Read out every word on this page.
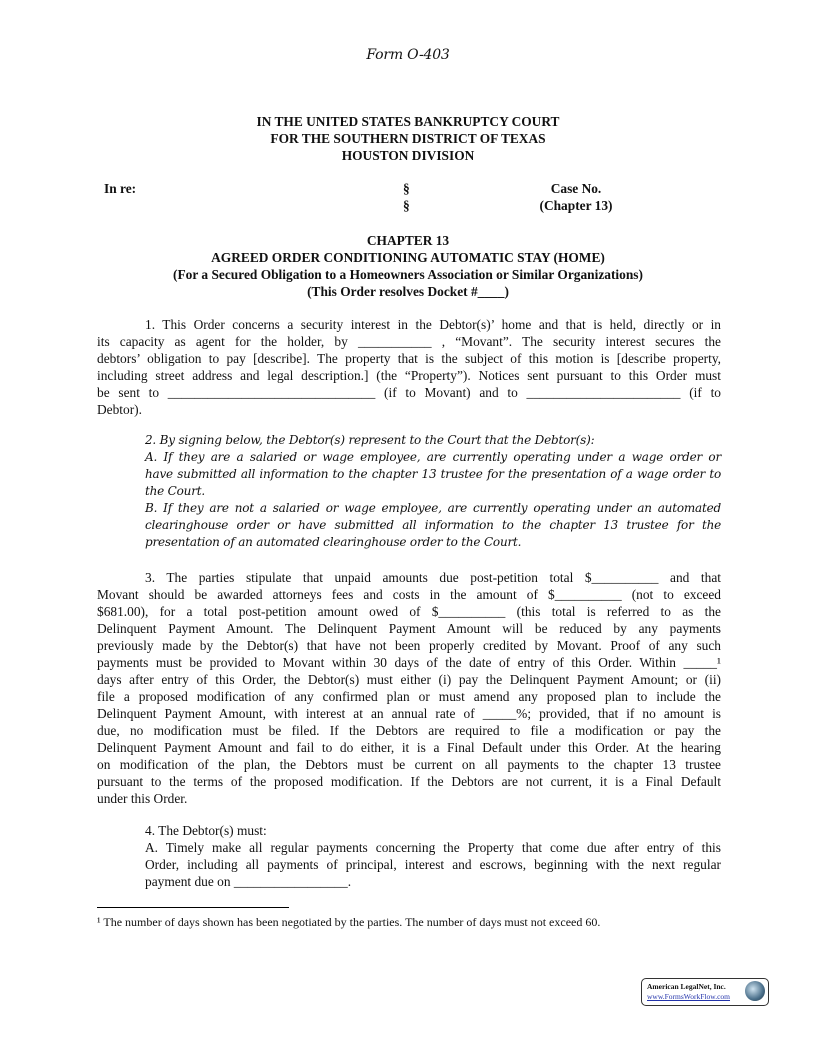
Form O-403
IN THE UNITED STATES BANKRUPTCY COURT
FOR THE SOUTHERN DISTRICT OF TEXAS
HOUSTON DIVISION
In re:	§
§
Case No.
(Chapter 13)
CHAPTER 13
AGREED ORDER CONDITIONING AUTOMATIC STAY (HOME)
(For a Secured Obligation to a Homeowners Association or Similar Organizations)
(This Order resolves Docket #____)
1. This Order concerns a security interest in the Debtor(s)’ home and that is held, directly or in
its capacity as agent for the holder, by ___________ , “Movant”. The security interest secures the
debtors’ obligation to pay [describe]. The property that is the subject of this motion is [describe property,
including street address and legal description.] (the “Property”). Notices sent pursuant to this Order must
be sent to _______________________________ (if to Movant) and to _______________________ (if to
Debtor).
2. By signing below, the Debtor(s) represent to the Court that the Debtor(s):
A. If they are a salaried or wage employee, are currently operating under a wage order or
have submitted all information to the chapter 13 trustee for the presentation of a wage order to
the Court.
B. If they are not a salaried or wage employee, are currently operating under an automated
clearinghouse order or have submitted all information to the chapter 13 trustee for the
presentation of an automated clearinghouse order to the Court.
3. The parties stipulate that unpaid amounts due post-petition total $__________ and that
Movant should be awarded attorneys fees and costs in the amount of $__________ (not to exceed
$681.00), for a total post-petition amount owed of $__________ (this total is referred to as the
Delinquent Payment Amount. The Delinquent Payment Amount will be reduced by any payments
previously made by the Debtor(s) that have not been properly credited by Movant. Proof of any such
payments must be provided to Movant within 30 days of the date of entry of this Order. Within _____¹
days after entry of this Order, the Debtor(s) must either (i) pay the Delinquent Payment Amount; or (ii)
file a proposed modification of any confirmed plan or must amend any proposed plan to include the
Delinquent Payment Amount, with interest at an annual rate of _____%; provided, that if no amount is
due, no modification must be filed. If the Debtors are required to file a modification or pay the
Delinquent Payment Amount and fail to do either, it is a Final Default under this Order. At the hearing
on modification of the plan, the Debtors must be current on all payments to the chapter 13 trustee
pursuant to the terms of the proposed modification. If the Debtors are not current, it is a Final Default
under this Order.
4. The Debtor(s) must:
A. Timely make all regular payments concerning the Property that come due after entry of this
Order, including all payments of principal, interest and escrows, beginning with the next regular
payment due on _________________.
¹ The number of days shown has been negotiated by the parties. The number of days must not exceed 60.
American LegalNet, Inc.
www.FormsWorkFlow.com
